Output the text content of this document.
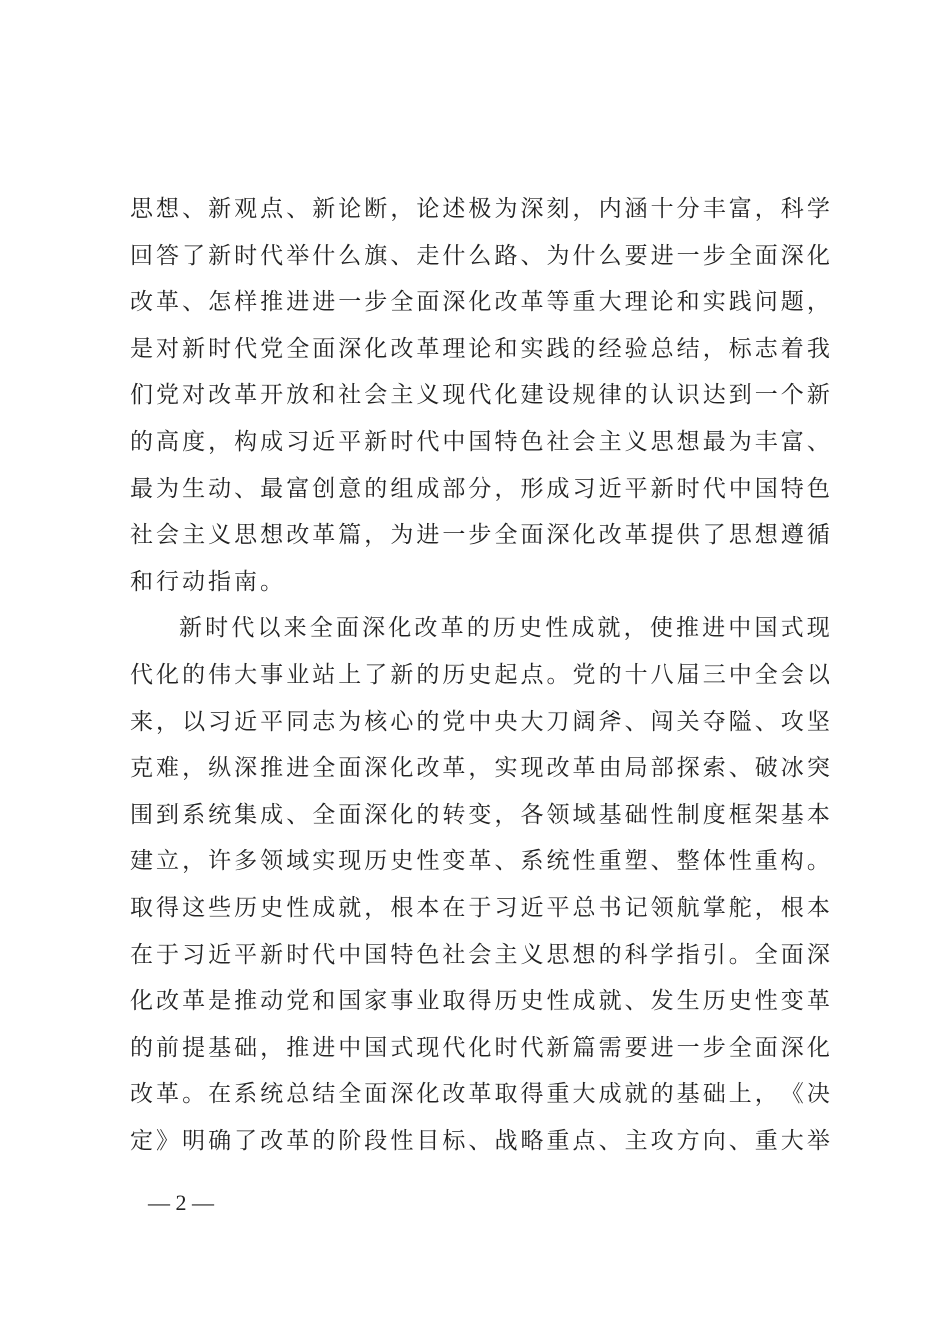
思 想 、 新 观 点 、 新 论 断 ， 论 述 极 为 深 刻 ， 内 涵 十 分 丰 富 ， 科 学
回 答 了 新 时 代 举 什 么 旗 、 走 什 么 路 、 为 什 么 要 进 一 步 全 面 深 化
改 革 、 怎 样 推 进 进 一 步 全 面 深 化 改 革 等 重 大 理 论 和 实 践 问 题 ，
是 对 新 时 代 党 全 面 深 化 改 革 理 论 和 实 践 的 经 验 总 结 ， 标 志 着 我
们 党 对 改 革 开 放 和 社 会 主 义 现 代 化 建 设 规 律 的 认 识 达 到 一 个 新
的 高 度 ， 构 成 习 近 平 新 时 代 中 国 特 色 社 会 主 义 思 想 最 为 丰 富 、
最 为 生 动 、 最 富 创 意 的 组 成 部 分 ， 形 成 习 近 平 新 时 代 中 国 特 色
社 会 主 义 思 想 改 革 篇 ， 为 进 一 步 全 面 深 化 改 革 提 供 了 思 想 遵 循
和行动指南。
新 时 代 以 来 全 面 深 化 改 革 的 历 史 性 成 就 ， 使 推 进 中 国 式 现
代 化 的 伟 大 事 业 站 上 了 新 的 历 史 起 点 。 党 的 十 八 届 三 中 全 会 以
来 ， 以 习 近 平 同 志 为 核 心 的 党 中 央 大 刀 阔 斧 、 闯 关 夺 隘 、 攻 坚
克 难 ， 纵 深 推 进 全 面 深 化 改 革 ， 实 现 改 革 由 局 部 探 索 、 破 冰 突
围 到 系 统 集 成 、 全 面 深 化 的 转 变 ， 各 领 域 基 础 性 制 度 框 架 基 本
建 立 ， 许 多 领 域 实 现 历 史 性 变 革 、 系 统 性 重 塑 、 整 体 性 重 构 。
取 得 这 些 历 史 性 成 就 ， 根 本 在 于 习 近 平 总 书 记 领 航 掌 舵 ， 根 本
在 于 习 近 平 新 时 代 中 国 特 色 社 会 主 义 思 想 的 科 学 指 引 。 全 面 深
化 改 革 是 推 动 党 和 国 家 事 业 取 得 历 史 性 成 就 、 发 生 历 史 性 变 革
的 前 提 基 础 ， 推 进 中 国 式 现 代 化 时 代 新 篇 需 要 进 一 步 全 面 深 化
改 革 。 在 系 统 总 结 全 面 深 化 改 革 取 得 重 大 成 就 的 基 础 上 ， 《 决
定 》 明 确 了 改 革 的 阶 段 性 目 标 、 战 略 重 点 、 主 攻 方 向 、 重 大 举
— 2 —
